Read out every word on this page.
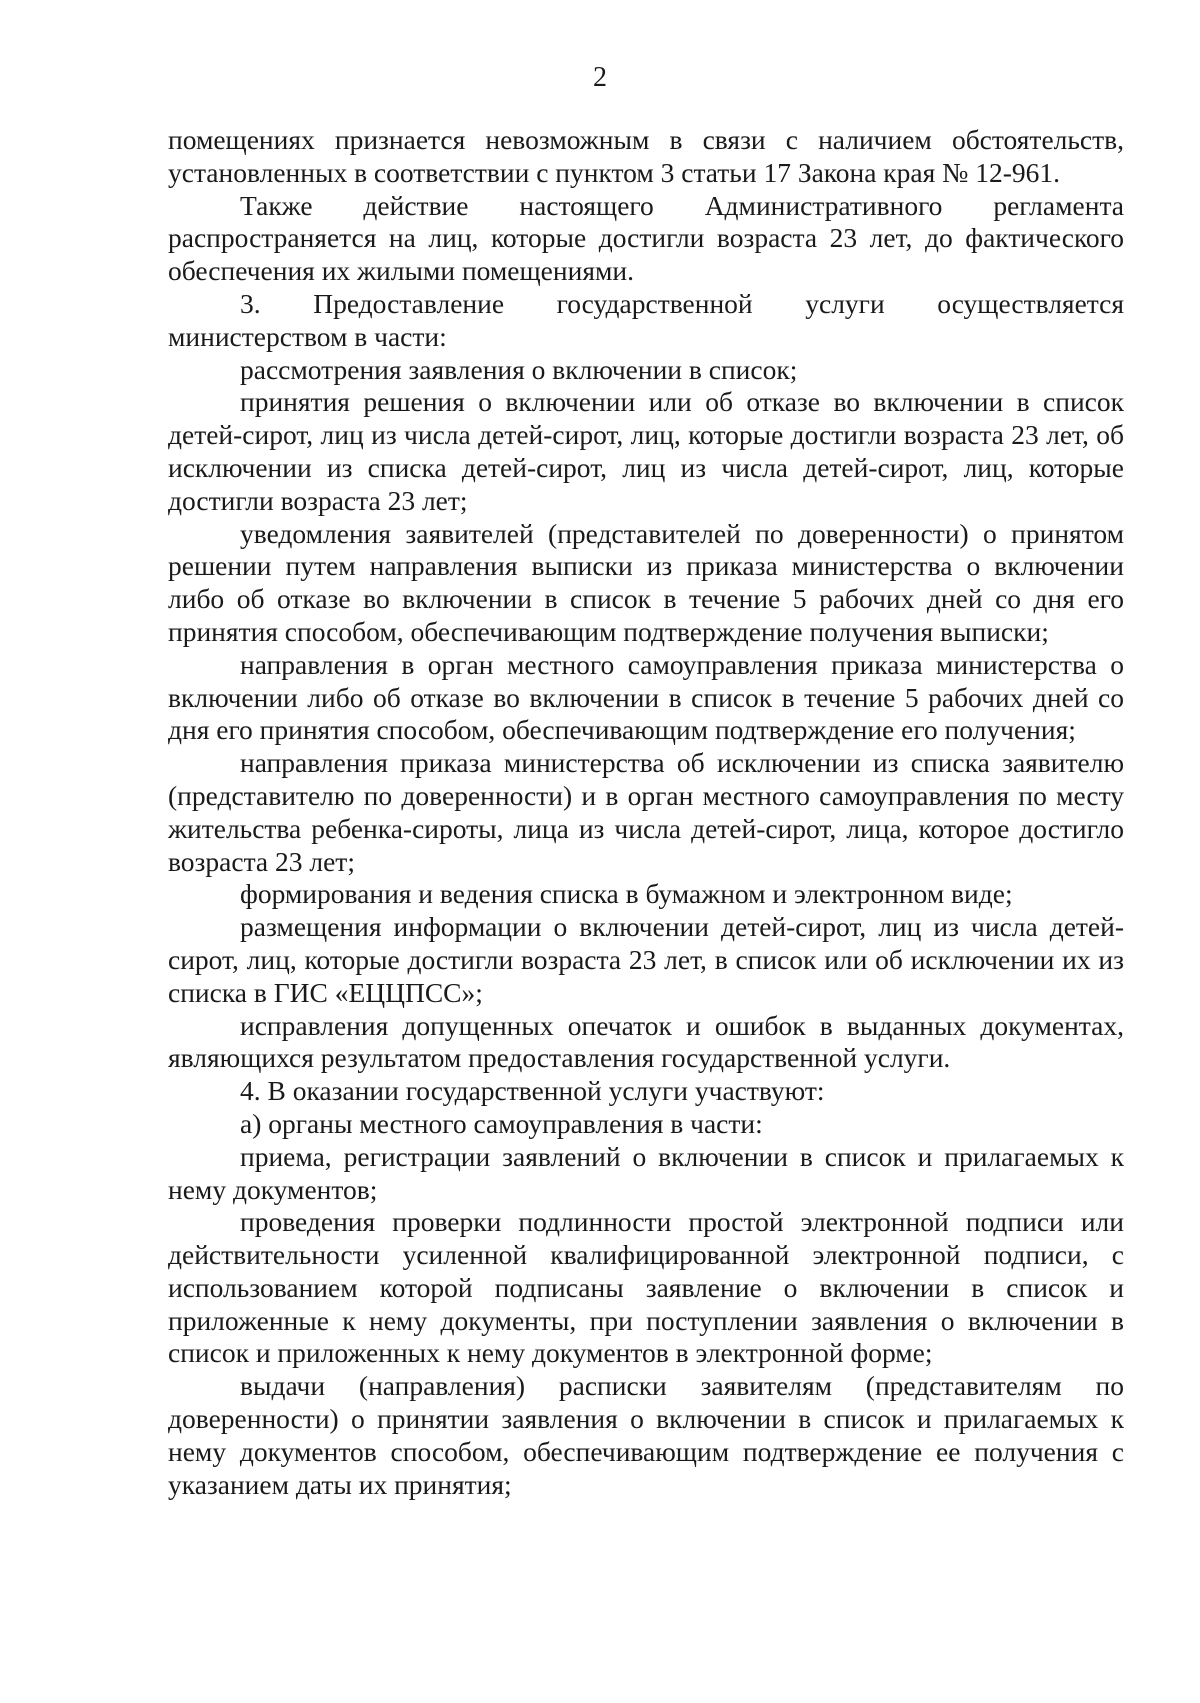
2

помещениях признается невозможным в связи с наличием обстоятельств, установленных в соответствии с пунктом 3 статьи 17 Закона края № 12-961.

Также действие настоящего Административного регламента распространяется на лиц, которые достигли возраста 23 лет, до фактического обеспечения их жилыми помещениями.

3. Предоставление государственной услуги осуществляется министерством в части:

рассмотрения заявления о включении в список;

принятия решения о включении или об отказе во включении в список детей-сирот, лиц из числа детей-сирот, лиц, которые достигли возраста 23 лет, об исключении из списка детей-сирот, лиц из числа детей-сирот, лиц, которые достигли возраста 23 лет;

уведомления заявителей (представителей по доверенности) о принятом решении путем направления выписки из приказа министерства о включении либо об отказе во включении в список в течение 5 рабочих дней со дня его принятия способом, обеспечивающим подтверждение получения выписки;

направления в орган местного самоуправления приказа министерства о включении либо об отказе во включении в список в течение 5 рабочих дней со дня его принятия способом, обеспечивающим подтверждение его получения;

направления приказа министерства об исключении из списка заявителю (представителю по доверенности) и в орган местного самоуправления по месту жительства ребенка-сироты, лица из числа детей-сирот, лица, которое достигло возраста 23 лет;

формирования и ведения списка в бумажном и электронном виде;

размещения информации о включении детей-сирот, лиц из числа детей-сирот, лиц, которые достигли возраста 23 лет, в список или об исключении их из списка в ГИС «ЕЦЦПСС»;

исправления допущенных опечаток и ошибок в выданных документах, являющихся результатом предоставления государственной услуги.

4. В оказании государственной услуги участвуют:

а) органы местного самоуправления в части:

приема, регистрации заявлений о включении в список и прилагаемых к нему документов;

проведения проверки подлинности простой электронной подписи или действительности усиленной квалифицированной электронной подписи, с использованием которой подписаны заявление о включении в список и приложенные к нему документы, при поступлении заявления о включении в список и приложенных к нему документов в электронной форме;

выдачи (направления) расписки заявителям (представителям по доверенности) о принятии заявления о включении в список и прилагаемых к нему документов способом, обеспечивающим подтверждение ее получения с указанием даты их принятия;
